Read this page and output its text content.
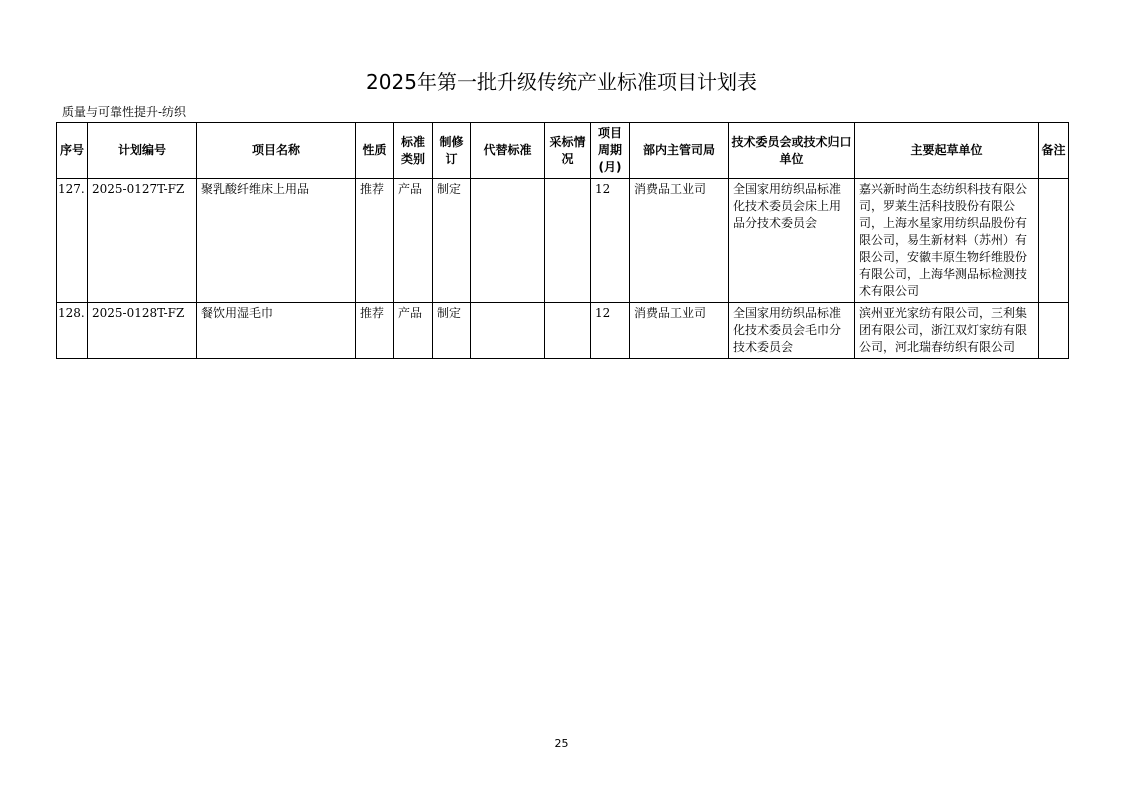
2025年第一批升级传统产业标准项目计划表
质量与可靠性提升-纺织
序号	计划编号	项目名称	性质	标准类别	制修订	代替标准	采标情况	项目周期(月)	部内主管司局	技术委员会或技术归口单位	主要起草单位	备注
127.	2025-0127T-FZ	聚乳酸纤维床上用品	推荐	产品	制定			12	消费品工业司	全国家用纺织品标准化技术委员会床上用品分技术委员会	嘉兴新时尚生态纺织科技有限公司，罗莱生活科技股份有限公司，上海水星家用纺织品股份有限公司，易生新材料（苏州）有限公司，安徽丰原生物纤维股份有限公司，上海华测品标检测技术有限公司	
128.	2025-0128T-FZ	餐饮用湿毛巾	推荐	产品	制定			12	消费品工业司	全国家用纺织品标准化技术委员会毛巾分技术委员会	滨州亚光家纺有限公司，三利集团有限公司，浙江双灯家纺有限公司，河北瑞春纺织有限公司	
25
